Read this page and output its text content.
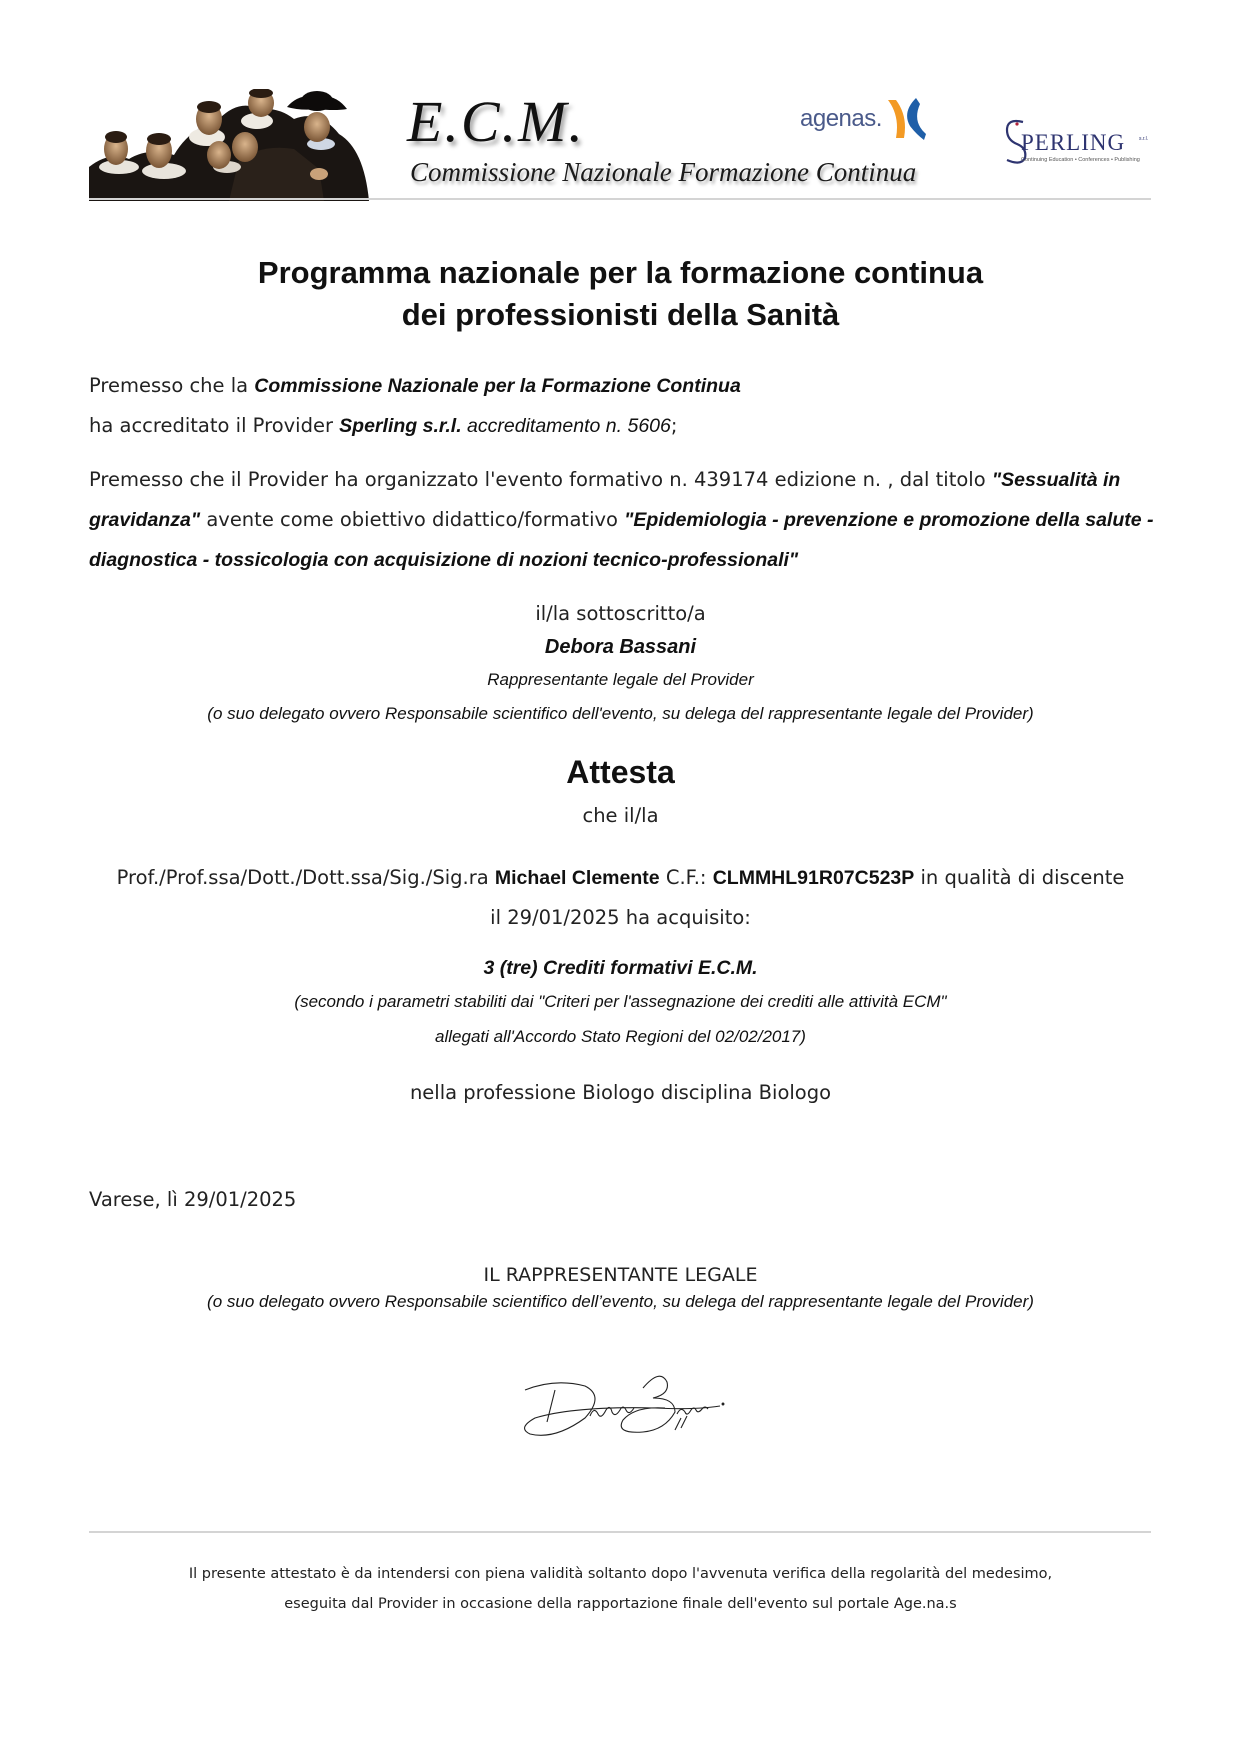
E.C.M.
Commissione Nazionale Formazione Continua
agenas.
PERLING	s.r.l.
Continuing Education • Conferences • Publishing
Programma nazionale per la formazione continua
dei professionisti della Sanità
Premesso che la Commissione Nazionale per la Formazione Continua
ha accreditato il Provider Sperling s.r.l. accreditamento n. 5606;
Premesso che il Provider ha organizzato l'evento formativo n. 439174 edizione n. , dal titolo "Sessualità in gravidanza" avente come obiettivo didattico/formativo "Epidemiologia - prevenzione e promozione della salute - diagnostica - tossicologia con acquisizione di nozioni tecnico-professionali"
il/la sottoscritto/a
Debora Bassani
Rappresentante legale del Provider
(o suo delegato ovvero Responsabile scientifico dell'evento, su delega del rappresentante legale del Provider)
Attesta
che il/la
Prof./Prof.ssa/Dott./Dott.ssa/Sig./Sig.ra Michael Clemente C.F.: CLMMHL91R07C523P in qualità di discente il 29/01/2025 ha acquisito:
3 (tre) Crediti formativi E.C.M.
(secondo i parametri stabiliti dai "Criteri per l'assegnazione dei crediti alle attività ECM"
allegati all'Accordo Stato Regioni del 02/02/2017)
nella professione Biologo disciplina Biologo
Varese, lì 29/01/2025
IL RAPPRESENTANTE LEGALE
(o suo delegato ovvero Responsabile scientifico dell’evento, su delega del rappresentante legale del Provider)
Il presente attestato è da intendersi con piena validità soltanto dopo l'avvenuta verifica della regolarità del medesimo,
eseguita dal Provider in occasione della rapportazione finale dell'evento sul portale Age.na.s
